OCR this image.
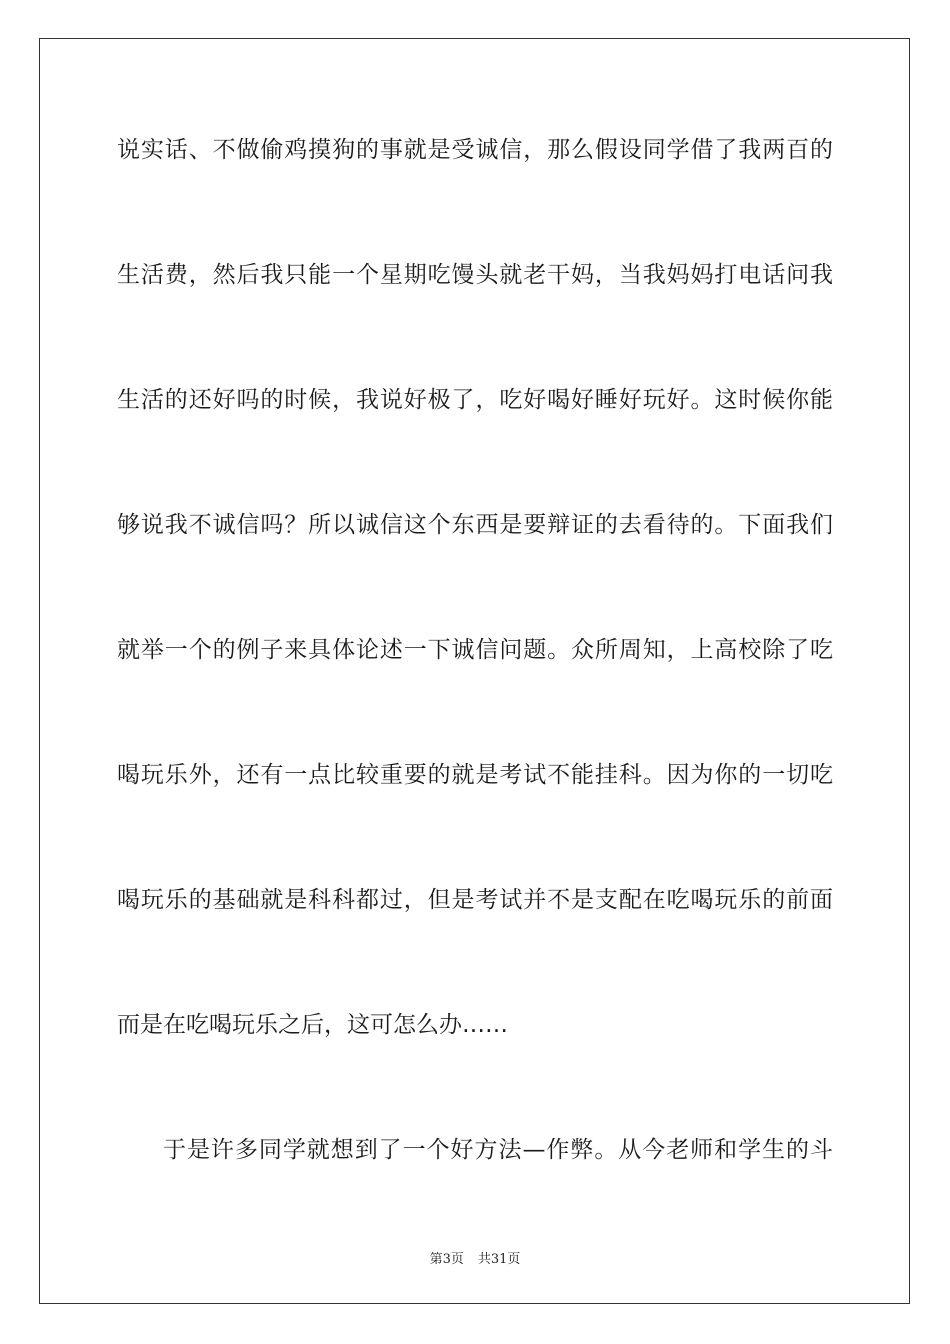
说实话、不做偷鸡摸狗的事就是受诚信，那么假设同学借了我两百的
生活费，然后我只能一个星期吃馒头就老干妈，当我妈妈打电话问我
生活的还好吗的时候，我说好极了，吃好喝好睡好玩好。这时候你能
够说我不诚信吗？所以诚信这个东西是要辩证的去看待的。下面我们
就举一个的例子来具体论述一下诚信问题。众所周知，上高校除了吃
喝玩乐外，还有一点比较重要的就是考试不能挂科。因为你的一切吃
喝玩乐的基础就是科科都过，但是考试并不是支配在吃喝玩乐的前面
而是在吃喝玩乐之后，这可怎么办……
于是许多同学就想到了一个好方法—作弊。从今老师和学生的斗
第3页 共31页
